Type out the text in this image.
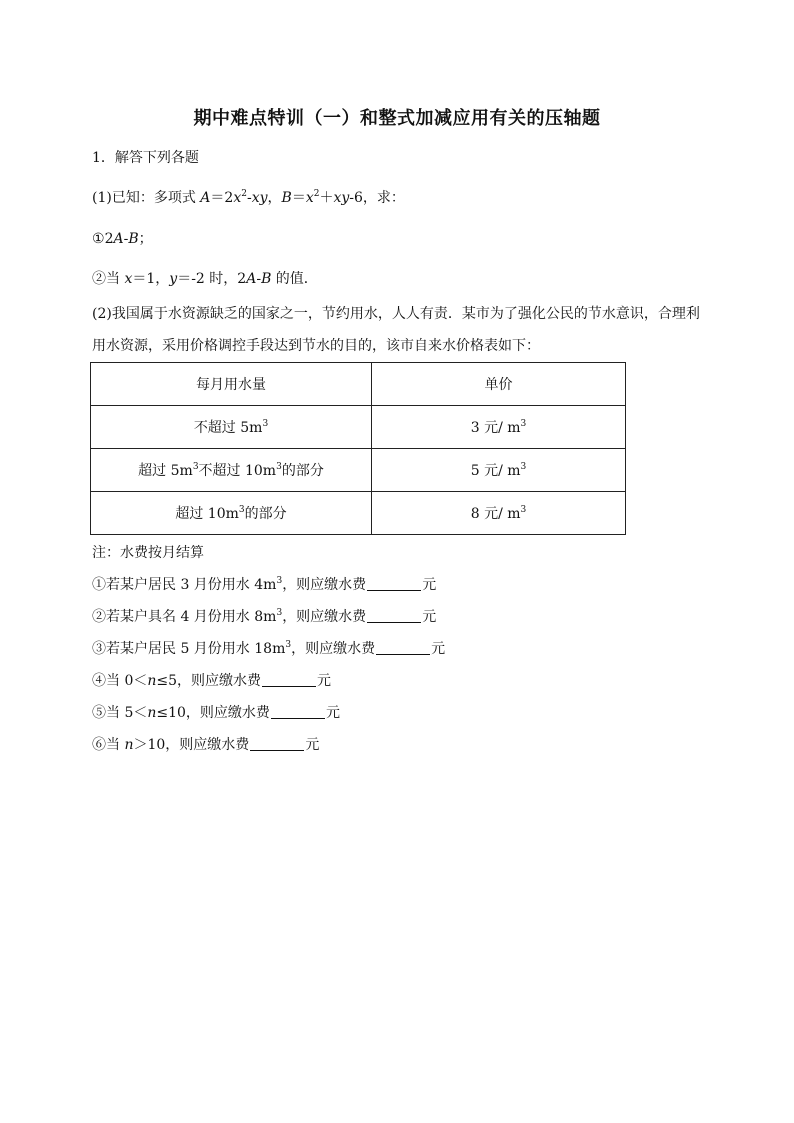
期中难点特训（一）和整式加减应用有关的压轴题
1．解答下列各题
(1)已知：多项式 $A=2x^2-xy$，$B=x^2+xy-6$，求：
①2A-B；
②当 x＝1，y＝-2 时，2A-B 的值．
(2)我国属于水资源缺乏的国家之一，节约用水，人人有责．某市为了强化公民的节水意识，合理利用水资源，采用价格调控手段达到节水的目的，该市自来水价格表如下：
每月用水量	单价
不超过 $5m^3$	3 元/ $m^3$
超过 $5m^3$不超过 $10m^3$的部分	5 元/ $m^3$
超过 $10m^3$的部分	8 元/ $m^3$
注：水费按月结算
①若某户居民 3 月份用水 $4m^3$，则应缴水费	元
②若某户具名 4 月份用水 $8m^3$，则应缴水费	元
③若某户居民 5 月份用水 $18m^3$，则应缴水费	元
④当 0＜n≤5，则应缴水费	元
⑤当 5＜n≤10，则应缴水费	元
⑥当 n＞10，则应缴水费	元
